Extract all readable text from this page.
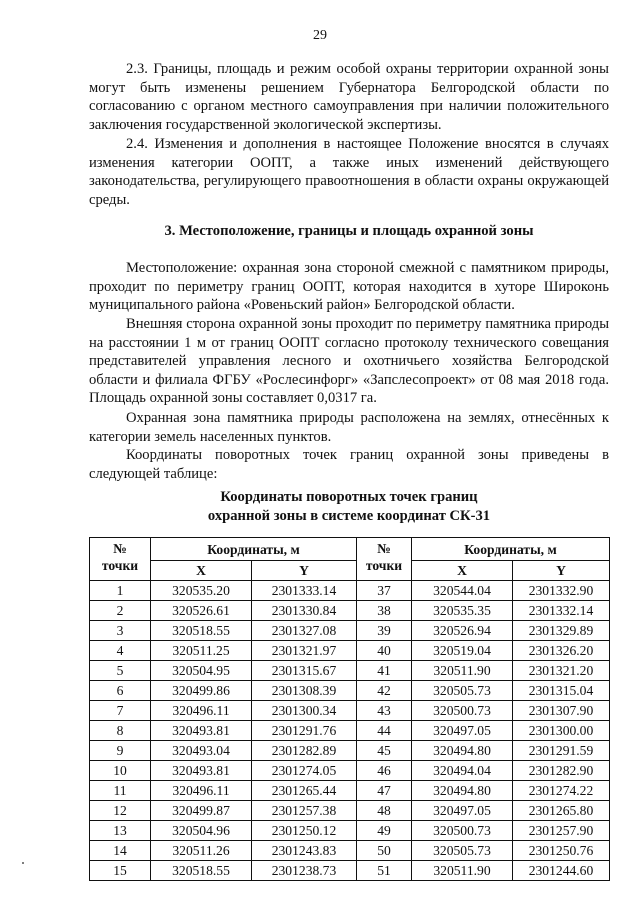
29

2.3. Границы, площадь и режим особой охраны территории охранной зоны могут быть изменены решением Губернатора Белгородской области по согласованию с органом местного самоуправления при наличии положительного заключения государственной экологической экспертизы.

2.4. Изменения и дополнения в настоящее Положение вносятся в случаях изменения категории ООПТ, а также иных изменений действующего законодательства, регулирующего правоотношения в области охраны окружающей среды.

3. Местоположение, границы и площадь охранной зоны

Местоположение: охранная зона стороной смежной с памятником природы, проходит по периметру границ ООПТ, которая находится в хуторе Широконь муниципального района «Ровеньский район» Белгородской области.

Внешняя сторона охранной зоны проходит по периметру памятника природы на расстоянии 1 м от границ ООПТ согласно протоколу технического совещания представителей управления лесного и охотничьего хозяйства Белгородской области и филиала ФГБУ «Рослесинфорг» «Запслесопроект» от 08 мая 2018 года. Площадь охранной зоны составляет 0,0317 га.

Охранная зона памятника природы расположена на землях, отнесённых к категории земель населенных пунктов.

Координаты поворотных точек границ охранной зоны приведены в следующей таблице:

Координаты поворотных точек границ
охранной зоны в системе координат СК-31
№
точки	Координаты, м		№
точки	Координаты, м	
	X	Y		X	Y
1	320535.20	2301333.14	37	320544.04	2301332.90
2	320526.61	2301330.84	38	320535.35	2301332.14
3	320518.55	2301327.08	39	320526.94	2301329.89
4	320511.25	2301321.97	40	320519.04	2301326.20
5	320504.95	2301315.67	41	320511.90	2301321.20
6	320499.86	2301308.39	42	320505.73	2301315.04
7	320496.11	2301300.34	43	320500.73	2301307.90
8	320493.81	2301291.76	44	320497.05	2301300.00
9	320493.04	2301282.89	45	320494.80	2301291.59
10	320493.81	2301274.05	46	320494.04	2301282.90
11	320496.11	2301265.44	47	320494.80	2301274.22
12	320499.87	2301257.38	48	320497.05	2301265.80
13	320504.96	2301250.12	49	320500.73	2301257.90
14	320511.26	2301243.83	50	320505.73	2301250.76
15	320518.55	2301238.73	51	320511.90	2301244.60
